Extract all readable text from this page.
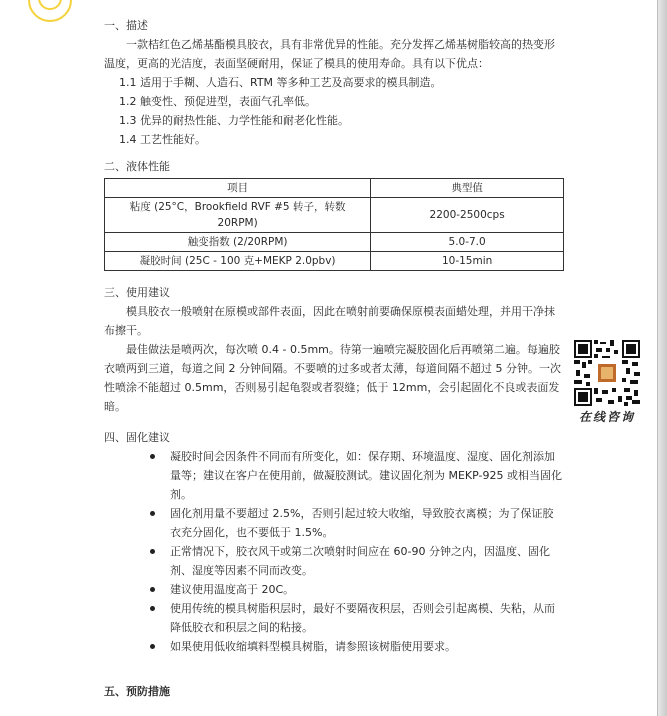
一、描述

一款桔红色乙烯基酯模具胶衣，具有非常优异的性能。充分发挥乙烯基树脂较高的热变形温度，更高的光洁度，表面坚硬耐用，保证了模具的使用寿命。具有以下优点：

1.1 适用于手糊、人造石、RTM 等多种工艺及高要求的模具制造。

1.2 触变性、预促进型，表面气孔率低。

1.3 优异的耐热性能、力学性能和耐老化性能。

1.4 工艺性能好。

二、液体性能
项目	典型值
粘度 (25°C，Brookfield RVF #5 转子，转数 20RPM)	2200-2500cps
触变指数 (2/20RPM)	5.0-7.0
凝胶时间 (25C - 100 克+MEKP 2.0pbv)	10-15min
三、使用建议

模具胶衣一般喷射在原模或部件表面，因此在喷射前要确保原模表面蜡处理，并用干净抹布擦干。

最佳做法是喷两次，每次喷 0.4 - 0.5mm。待第一遍喷完凝胶固化后再喷第二遍。每遍胶衣喷两到三道，每道之间 2 分钟间隔。不要喷的过多或者太薄，每道间隔不超过 5 分钟。一次性喷涂不能超过 0.5mm，否则易引起龟裂或者裂缝；低于 12mm，会引起固化不良或表面发暗。

四、固化建议
凝胶时间会因条件不同而有所变化，如：保存期、环境温度、湿度、固化剂添加量等；建议在客户在使用前，做凝胶测试。建议固化剂为 MEKP-925 或相当固化剂。
固化剂用量不要超过 2.5%，否则引起过较大收缩，导致胶衣离模；为了保证胶衣充分固化，也不要低于 1.5%。
正常情况下，胶衣风干或第二次喷射时间应在 60-90 分钟之内，因温度、固化剂、湿度等因素不同而改变。
建议使用温度高于 20C。
使用传统的模具树脂积层时，最好不要隔夜积层，否则会引起离模、失粘，从而降低胶衣和积层之间的粘接。
如果使用低收缩填料型模具树脂，请参照该树脂使用要求。
五、预防措施
在线咨询
